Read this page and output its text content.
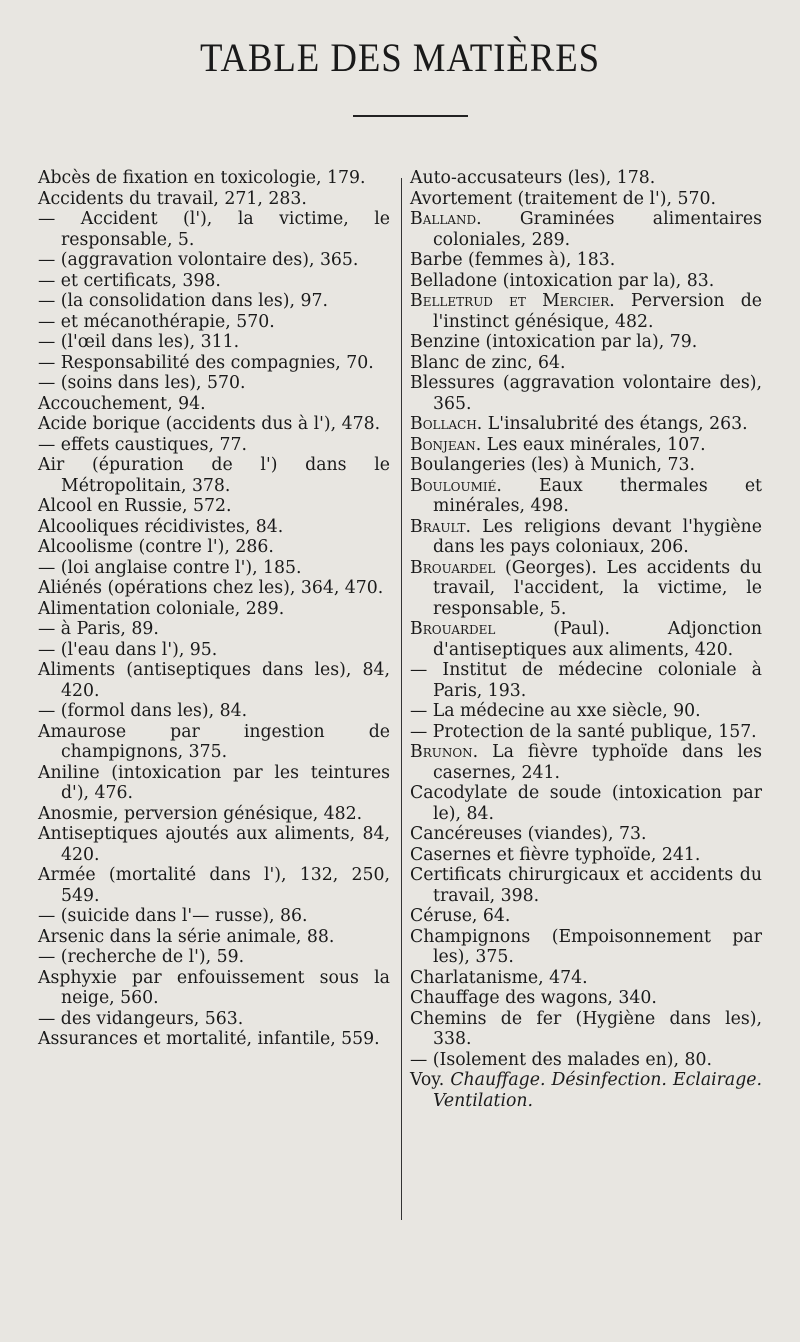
TABLE DES MATIÈRES

Abcès de fixation en toxicologie, 179.

Accidents du travail, 271, 283.

— Accident (l'), la victime, le responsable, 5.

— (aggravation volontaire des), 365.

— et certificats, 398.

— (la consolidation dans les), 97.

— et mécanothérapie, 570.

— (l'œil dans les), 311.

— Responsabilité des compagnies, 70.

— (soins dans les), 570.

Accouchement, 94.

Acide borique (accidents dus à l'), 478.

— effets caustiques, 77.

Air (épuration de l') dans le Métropolitain, 378.

Alcool en Russie, 572.

Alcooliques récidivistes, 84.

Alcoolisme (contre l'), 286.

— (loi anglaise contre l'), 185.

Aliénés (opérations chez les), 364, 470.

Alimentation coloniale, 289.

— à Paris, 89.

— (l'eau dans l'), 95.

Aliments (antiseptiques dans les), 84, 420.

— (formol dans les), 84.

Amaurose par ingestion de champignons, 375.

Aniline (intoxication par les teintures d'), 476.

Anosmie, perversion génésique, 482.

Antiseptiques ajoutés aux aliments, 84, 420.

Armée (mortalité dans l'), 132, 250, 549.

— (suicide dans l'— russe), 86.

Arsenic dans la série animale, 88.

— (recherche de l'), 59.

Asphyxie par enfouissement sous la neige, 560.

— des vidangeurs, 563.

Assurances et mortalité, infantile, 559.

Auto-accusateurs (les), 178.

Avortement (traitement de l'), 570.

Balland. Graminées alimentaires coloniales, 289.

Barbe (femmes à), 183.

Belladone (intoxication par la), 83.

Belletrud et Mercier. Perversion de l'instinct génésique, 482.

Benzine (intoxication par la), 79.

Blanc de zinc, 64.

Blessures (aggravation volontaire des), 365.

Bollach. L'insalubrité des étangs, 263.

Bonjean. Les eaux minérales, 107.

Boulangeries (les) à Munich, 73.

Bouloumié. Eaux thermales et minérales, 498.

Brault. Les religions devant l'hygiène dans les pays coloniaux, 206.

Brouardel (Georges). Les accidents du travail, l'accident, la victime, le responsable, 5.

Brouardel (Paul). Adjonction d'antiseptiques aux aliments, 420.

— Institut de médecine coloniale à Paris, 193.

— La médecine au xxe siècle, 90.

— Protection de la santé publique, 157.

Brunon. La fièvre typhoïde dans les casernes, 241.

Cacodylate de soude (intoxication par le), 84.

Cancéreuses (viandes), 73.

Casernes et fièvre typhoïde, 241.

Certificats chirurgicaux et accidents du travail, 398.

Céruse, 64.

Champignons (Empoisonnement par les), 375.

Charlatanisme, 474.

Chauffage des wagons, 340.

Chemins de fer (Hygiène dans les), 338.

— (Isolement des malades en), 80.

Voy. Chauffage. Désinfection. Eclairage. Ventilation.
